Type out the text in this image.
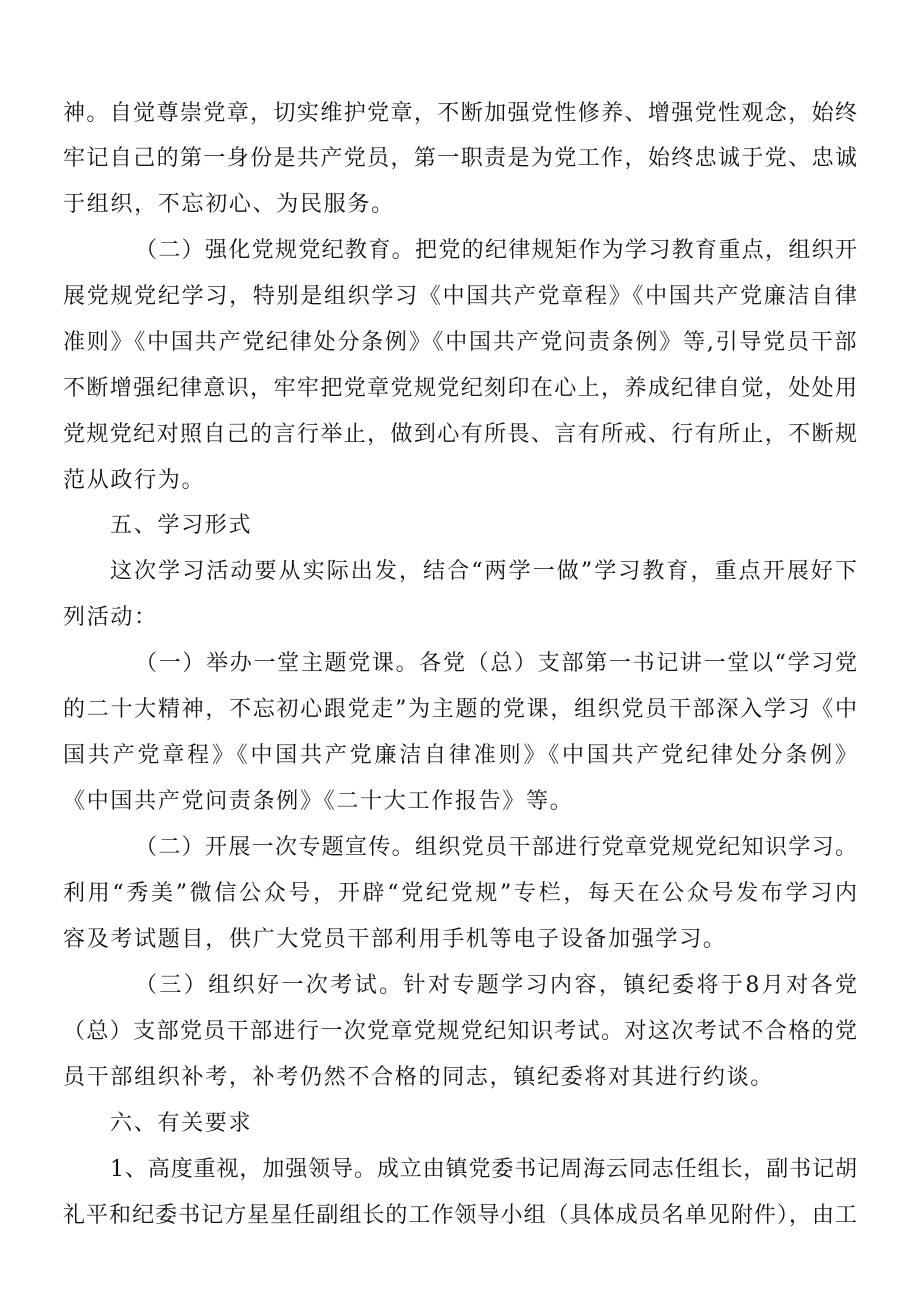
神。自觉尊崇党章，切实维护党章，不断加强党性修养、增强党性观念，始终
牢记自己的第一身份是共产党员，第一职责是为党工作，始终忠诚于党、忠诚
于组织，不忘初心、为民服务。
（二）强化党规党纪教育。把党的纪律规矩作为学习教育重点，组织开
展党规党纪学习，特别是组织学习《中国共产党章程》《中国共产党廉洁自律
准则》《中国共产党纪律处分条例》《中国共产党问责条例》等,引导党员干部
不断增强纪律意识，牢牢把党章党规党纪刻印在心上，养成纪律自觉，处处用
党规党纪对照自己的言行举止，做到心有所畏、言有所戒、行有所止，不断规
范从政行为。
五、学习形式
这次学习活动要从实际出发，结合“两学一做”学习教育，重点开展好下
列活动：
（一）举办一堂主题党课。各党（总）支部第一书记讲一堂以“学习党
的二十大精神，不忘初心跟党走”为主题的党课，组织党员干部深入学习《中
国共产党章程》《中国共产党廉洁自律准则》《中国共产党纪律处分条例》
《中国共产党问责条例》《二十大工作报告》等。
（二）开展一次专题宣传。组织党员干部进行党章党规党纪知识学习。
利用“秀美”微信公众号，开辟“党纪党规”专栏，每天在公众号发布学习内
容及考试题目，供广大党员干部利用手机等电子设备加强学习。
（三）组织好一次考试。针对专题学习内容，镇纪委将于8月对各党
（总）支部党员干部进行一次党章党规党纪知识考试。对这次考试不合格的党
员干部组织补考，补考仍然不合格的同志，镇纪委将对其进行约谈。
六、有关要求
1、高度重视，加强领导。成立由镇党委书记周海云同志任组长，副书记胡
礼平和纪委书记方星星任副组长的工作领导小组（具体成员名单见附件），由工
